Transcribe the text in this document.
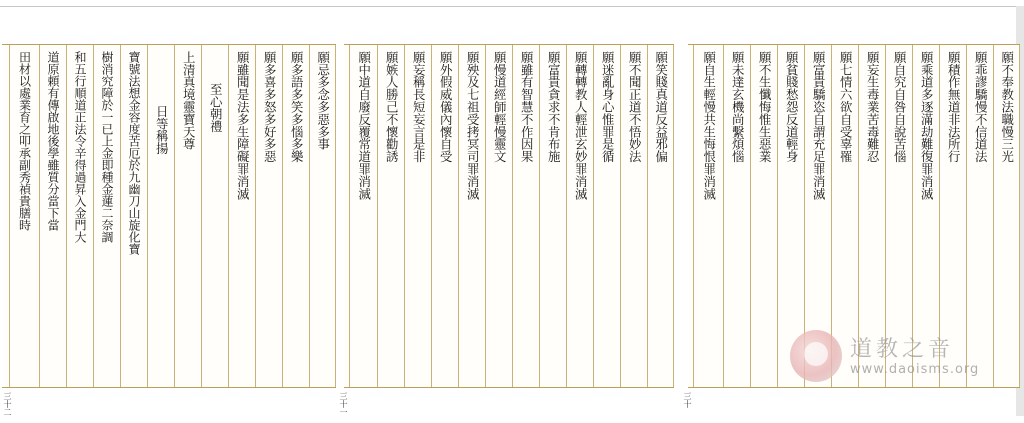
願不奉教法職慢三光
願乖謬驕慢不信道法
願積作無道非法所行
願乘道多逐滿劫難復罪消滅
願自究自咎自說苦惱
願妄生毒業苦毒難忍
願七情六欲自受辜罹
願富貴驕恣自謂充足罪消滅
願貧賤愁怨反道輕身
願不生懺悔惟生惡業
願未達玄機尚繫煩惱
願自生輕慢共生悔恨罪消滅
三十
願笑賤真道反益邪偏
願不聞正道不悟妙法
願迷亂身心惟罪是循
願轉轉教人輕泄玄妙罪消滅
願富貴貪求不肯布施
願雖有智慧不作因果
願慢道經師輕慢靈文
願殃及七祖受拷冥司罪消滅
願外假威儀內懷自受
願妄稱長短妄言是非
願嫉人勝己不懷勸誘
願中道自廢反覆常道罪消滅
三十一
願忌多念多惡多事
願多語多笑多惱多樂
願多喜多怒多好多惡
願雖聞是法多生障礙罪消滅
至心朝禮
上清真境靈寶天尊
日等稱揚
寶號法想金容度苦厄於九幽刀山旋化寶
樹消究障於一已上金即種金蓮二奈調
和五行順道正法令辛得過昇入金門大
道原頼有傳啟地後學雖質分當下當
田材以處業育之叩承副秀禎貴膳時
三十二
道教之音
www.daoisms.org
